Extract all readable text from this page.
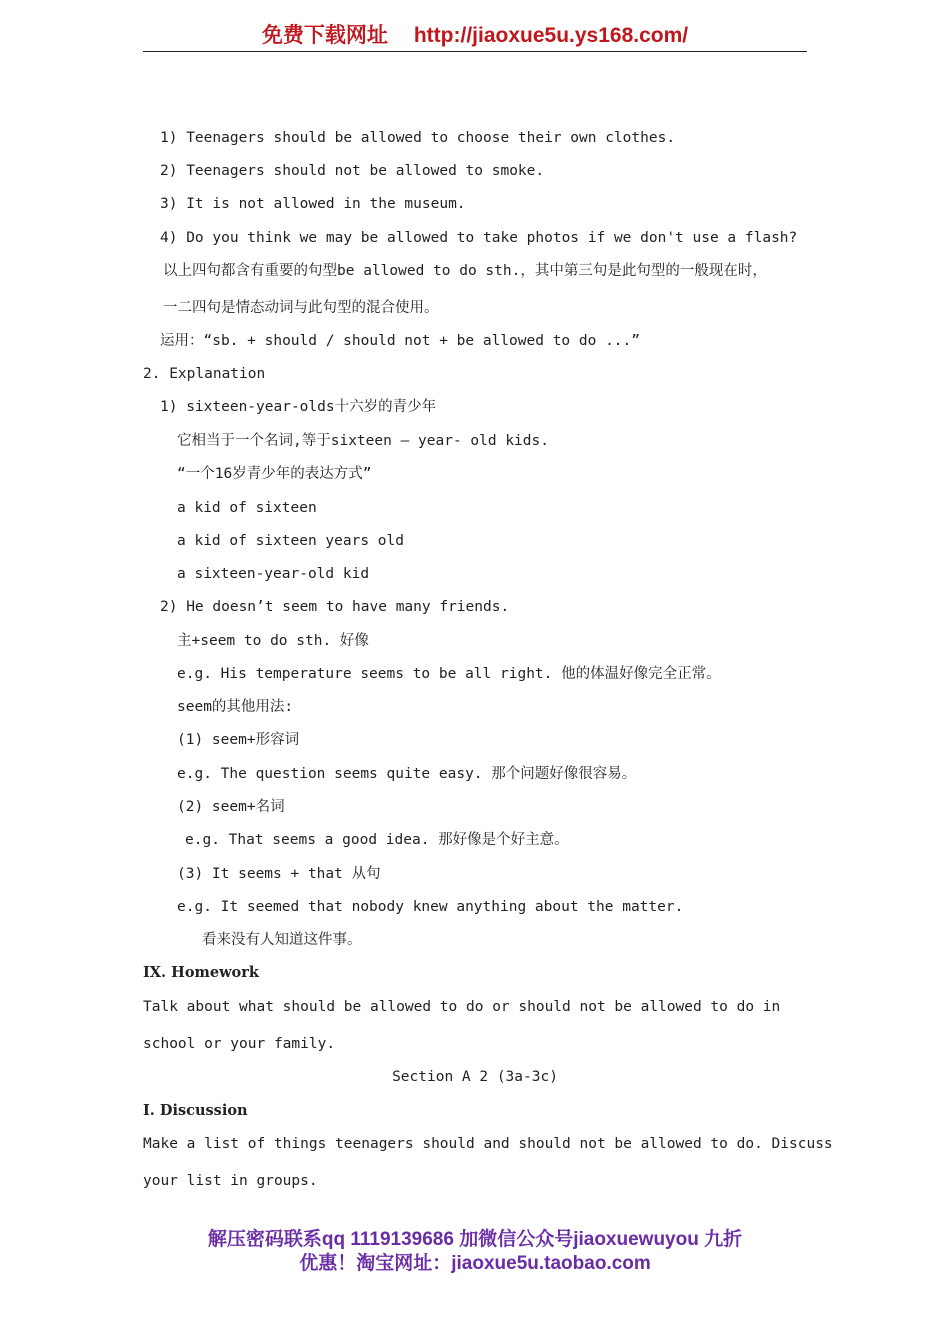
免费下载网址 http://jiaoxue5u.ys168.com/
1) Teenagers should be allowed to choose their own clothes.
2) Teenagers should not be allowed to smoke.
3) It is not allowed in the museum.
4) Do you think we may be allowed to take photos if we don't use a flash?
以上四句都含有重要的句型be allowed to do sth.，其中第三句是此句型的一般现在时，
一二四句是情态动词与此句型的混合使用。
运用：“sb. + should / should not + be allowed to do ...”
2. Explanation
1) sixteen-year-olds十六岁的青少年
它相当于一个名词,等于sixteen – year- old kids.
“一个16岁青少年的表达方式”
a kid of sixteen
a kid of sixteen years old
a sixteen-year-old kid
2) He doesn’t seem to have many friends.
主+seem to do sth. 好像
e.g. His temperature seems to be all right. 他的体温好像完全正常。
seem的其他用法:
(1) seem+形容词
e.g. The question seems quite easy. 那个问题好像很容易。
(2) seem+名词
e.g. That seems a good idea. 那好像是个好主意。
(3) It seems + that 从句
e.g. It seemed that nobody knew anything about the matter.
看来没有人知道这件事。
IX. Homework
Talk about what should be allowed to do or should not be allowed to do in
school or your family.
Section A 2 (3a-3c)
I. Discussion
Make a list of things teenagers should and should not be allowed to do. Discuss
your list in groups.
解压密码联系qq 1119139686 加微信公众号jiaoxuewuyou 九折
优惠！淘宝网址：jiaoxue5u.taobao.com
